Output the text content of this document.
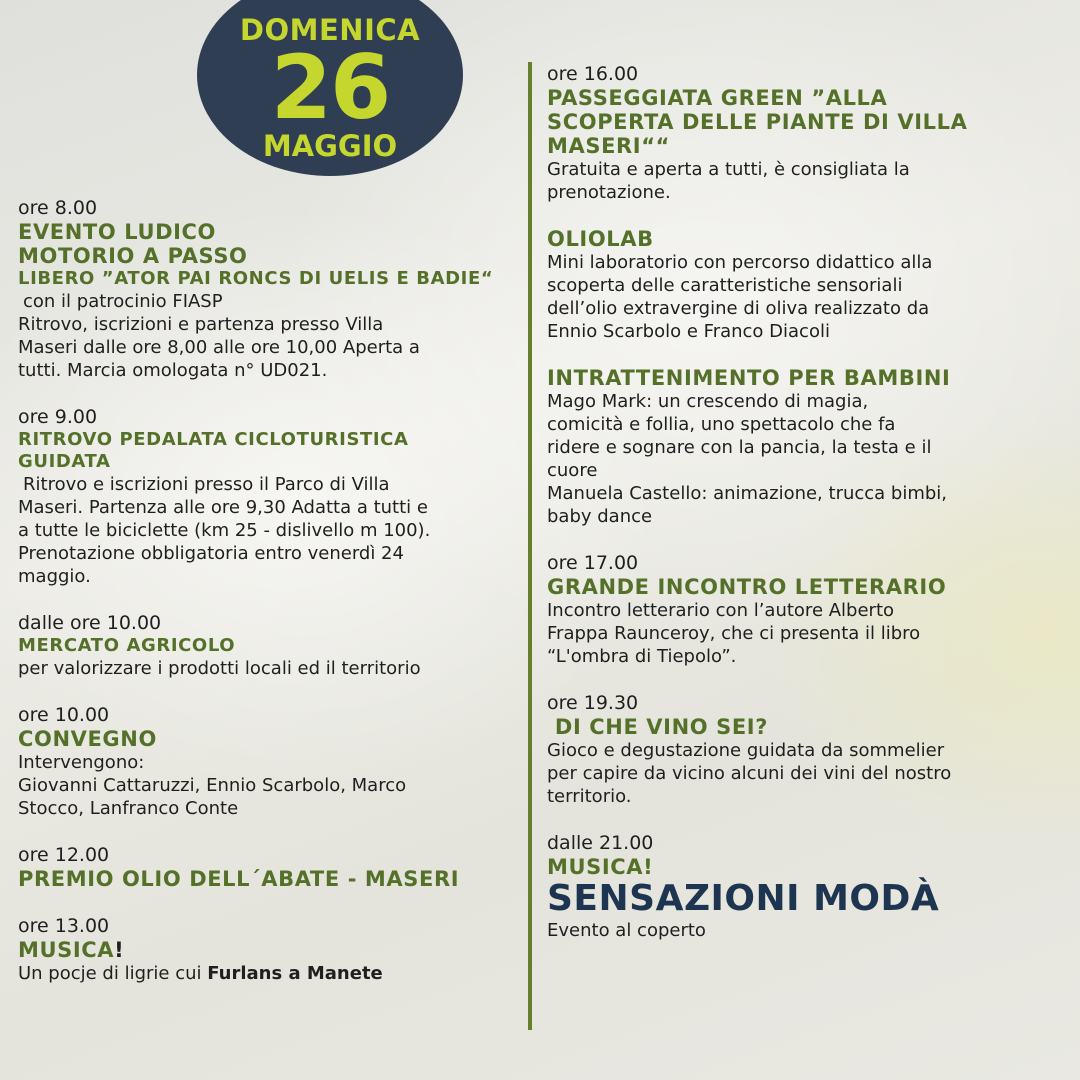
DOMENICA
26
MAGGIO
ore 8.00
EVENTO LUDICO
MOTORIO A PASSO
LIBERO ”ATOR PAI RONCS DI UELIS E BADIE“
con il patrocinio FIASP
Ritrovo, iscrizioni e partenza presso Villa
Maseri dalle ore 8,00 alle ore 10,00 Aperta a
tutti. Marcia omologata n° UD021.
ore 9.00
RITROVO PEDALATA CICLOTURISTICA
GUIDATA
Ritrovo e iscrizioni presso il Parco di Villa
Maseri. Partenza alle ore 9,30 Adatta a tutti e
a tutte le biciclette (km 25 - dislivello m 100).
Prenotazione obbligatoria entro venerdì 24
maggio.
dalle ore 10.00
MERCATO AGRICOLO
per valorizzare i prodotti locali ed il territorio
ore 10.00
CONVEGNO
Intervengono:
Giovanni Cattaruzzi, Ennio Scarbolo, Marco
Stocco, Lanfranco Conte
ore 12.00
PREMIO OLIO DELL´ABATE - MASERI
ore 13.00
MUSICA!
Un pocje di ligrie cui Furlans a Manete
ore 16.00
PASSEGGIATA GREEN ”ALLA
SCOPERTA DELLE PIANTE DI VILLA
MASERI““
Gratuita e aperta a tutti, è consigliata la
prenotazione.
OLIOLAB
Mini laboratorio con percorso didattico alla
scoperta delle caratteristiche sensoriali
dell’olio extravergine di oliva realizzato da
Ennio Scarbolo e Franco Diacoli
INTRATTENIMENTO PER BAMBINI
Mago Mark: un crescendo di magia,
comicità e follia, uno spettacolo che fa
ridere e sognare con la pancia, la testa e il
cuore
Manuela Castello: animazione, trucca bimbi,
baby dance
ore 17.00
GRANDE INCONTRO LETTERARIO
Incontro letterario con l’autore Alberto
Frappa Raunceroy, che ci presenta il libro
“L'ombra di Tiepolo”.
ore 19.30
DI CHE VINO SEI?
Gioco e degustazione guidata da sommelier
per capire da vicino alcuni dei vini del nostro
territorio.
dalle 21.00
MUSICA!
SENSAZIONI MODÀ
Evento al coperto
